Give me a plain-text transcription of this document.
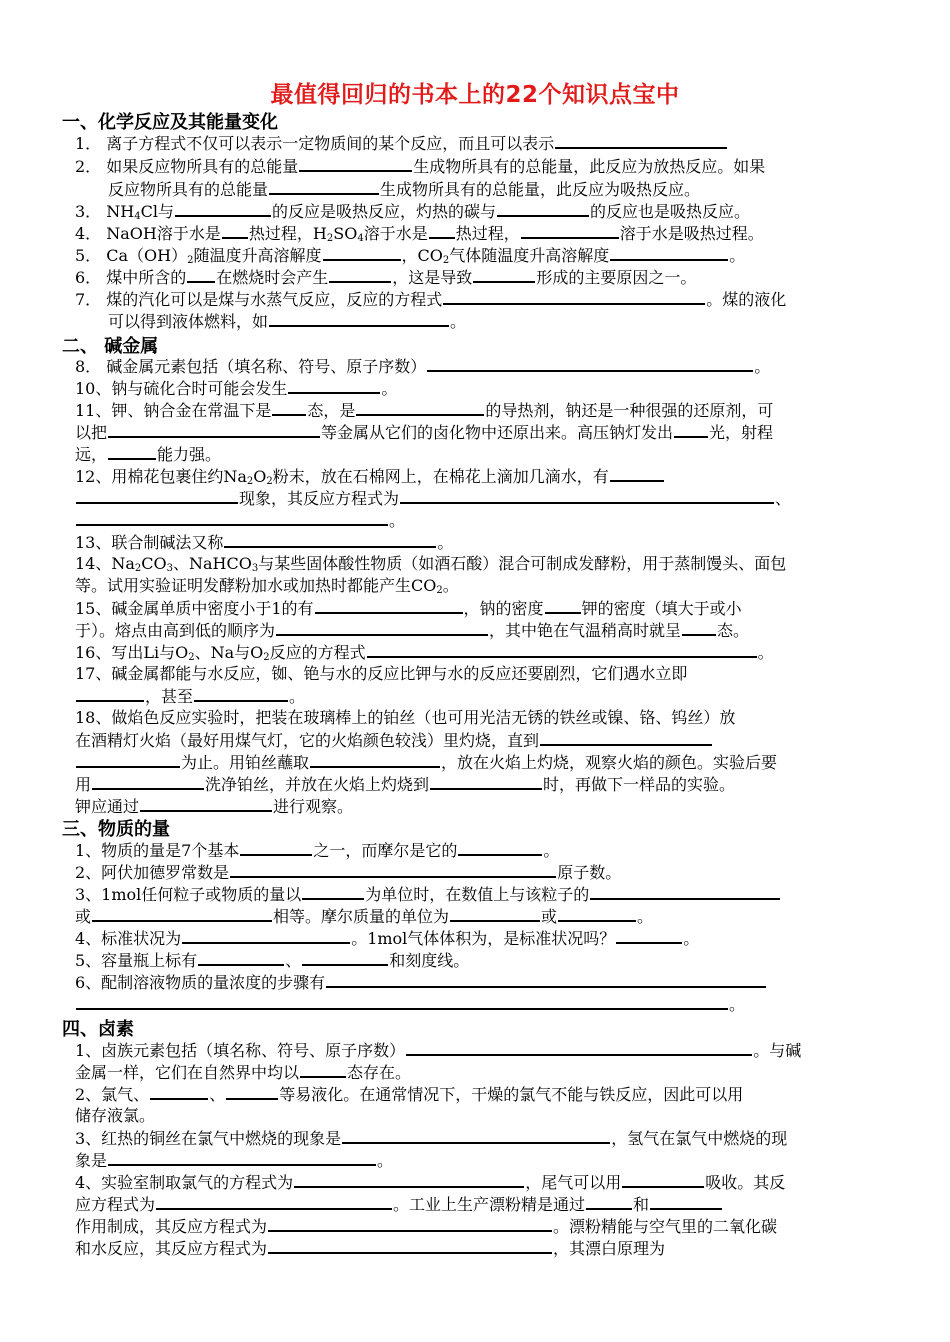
最值得回归的书本上的22个知识点宝中
一、化学反应及其能量变化
1． 离子方程式不仅可以表示一定物质间的某个反应，而且可以表示
2． 如果反应物所具有的总能量	生成物所具有的总能量，此反应为放热反应。如果
反应物所具有的总能量	生成物所具有的总能量，此反应为吸热反应。
3． $NH_4Cl$与	的反应是吸热反应，灼热的碳与	的反应也是吸热反应。
4． NaOH溶于水是 热过程，$H_2SO_4$溶于水是 热过程，	溶于水是吸热过程。
5． $Ca(OH)_2$随温度升高溶解度	，$CO_2$气体随温度升高溶解度	。
6． 煤中所含的 在燃烧时会产生	，这是导致	形成的主要原因之一。
7． 煤的汽化可以是煤与水蒸气反应，反应的方程式	。煤的液化
可以得到液体燃料，如	。
二、 碱金属
8． 碱金属元素包括（填名称、符号、原子序数）	。
10、钠与硫化合时可能会发生	。
11、钾、钠合金在常温下是 态，是	的导热剂，钠还是一种很强的还原剂，可
以把	等金属从它们的卤化物中还原出来。高压钠灯发出 光，射程
远，	能力强。
12、用棉花包裹住约$Na_2O_2$粉末，放在石棉网上，在棉花上滴加几滴水，有
现象，其反应方程式为	、
。
13、联合制碱法又称	。
14、$Na_2CO_3$、NaHCO$_3$与某些固体酸性物质（如酒石酸）混合可制成发酵粉，用于蒸制馒头、面包
等。试用实验证明发酵粉加水或加热时都能产生$CO_2$。
15、碱金属单质中密度小于1的有	，钠的密度 钾的密度（填大于或小
于）。熔点由高到低的顺序为	，其中铯在气温稍高时就呈 态。
16、写出Li与$O_2$、Na与$O_2$反应的方程式	。
17、碱金属都能与水反应，铷、铯与水的反应比钾与水的反应还要剧烈，它们遇水立即
，甚至	。
18、做焰色反应实验时，把装在玻璃棒上的铂丝（也可用光洁无锈的铁丝或镍、铬、钨丝）放
在酒精灯火焰（最好用煤气灯，它的火焰颜色较浅）里灼烧，直到
为止。用铂丝蘸取	，放在火焰上灼烧，观察火焰的颜色。实验后要
用	洗净铂丝，并放在火焰上灼烧到	时，再做下一样品的实验。
钾应通过	进行观察。
三、物质的量
1、物质的量是7个基本	之一，而摩尔是它的	。
2、阿伏加德罗常数是	原子数。
3、1mol任何粒子或物质的量以	为单位时，在数值上与该粒子的
或	相等。摩尔质量的单位为	或	。
4、标准状况为	。1mol气体体积为，是标准状况吗？	。
5、容量瓶上标有	、	和刻度线。
6、配制溶液物质的量浓度的步骤有
。
四、卤素
1、卤族元素包括（填名称、符号、原子序数）	。与碱
金属一样，它们在自然界中均以	态存在。
2、氯气、	、	等易液化。在通常情况下，干燥的氯气不能与铁反应，因此可以用
储存液氯。
3、红热的铜丝在氯气中燃烧的现象是	，氢气在氯气中燃烧的现
象是	。
4、实验室制取氯气的方程式为	，尾气可以用	吸收。其反
应方程式为	。工业上生产漂粉精是通过	和
作用制成，其反应方程式为	。漂粉精能与空气里的二氧化碳
和水反应，其反应方程式为	，其漂白原理为
